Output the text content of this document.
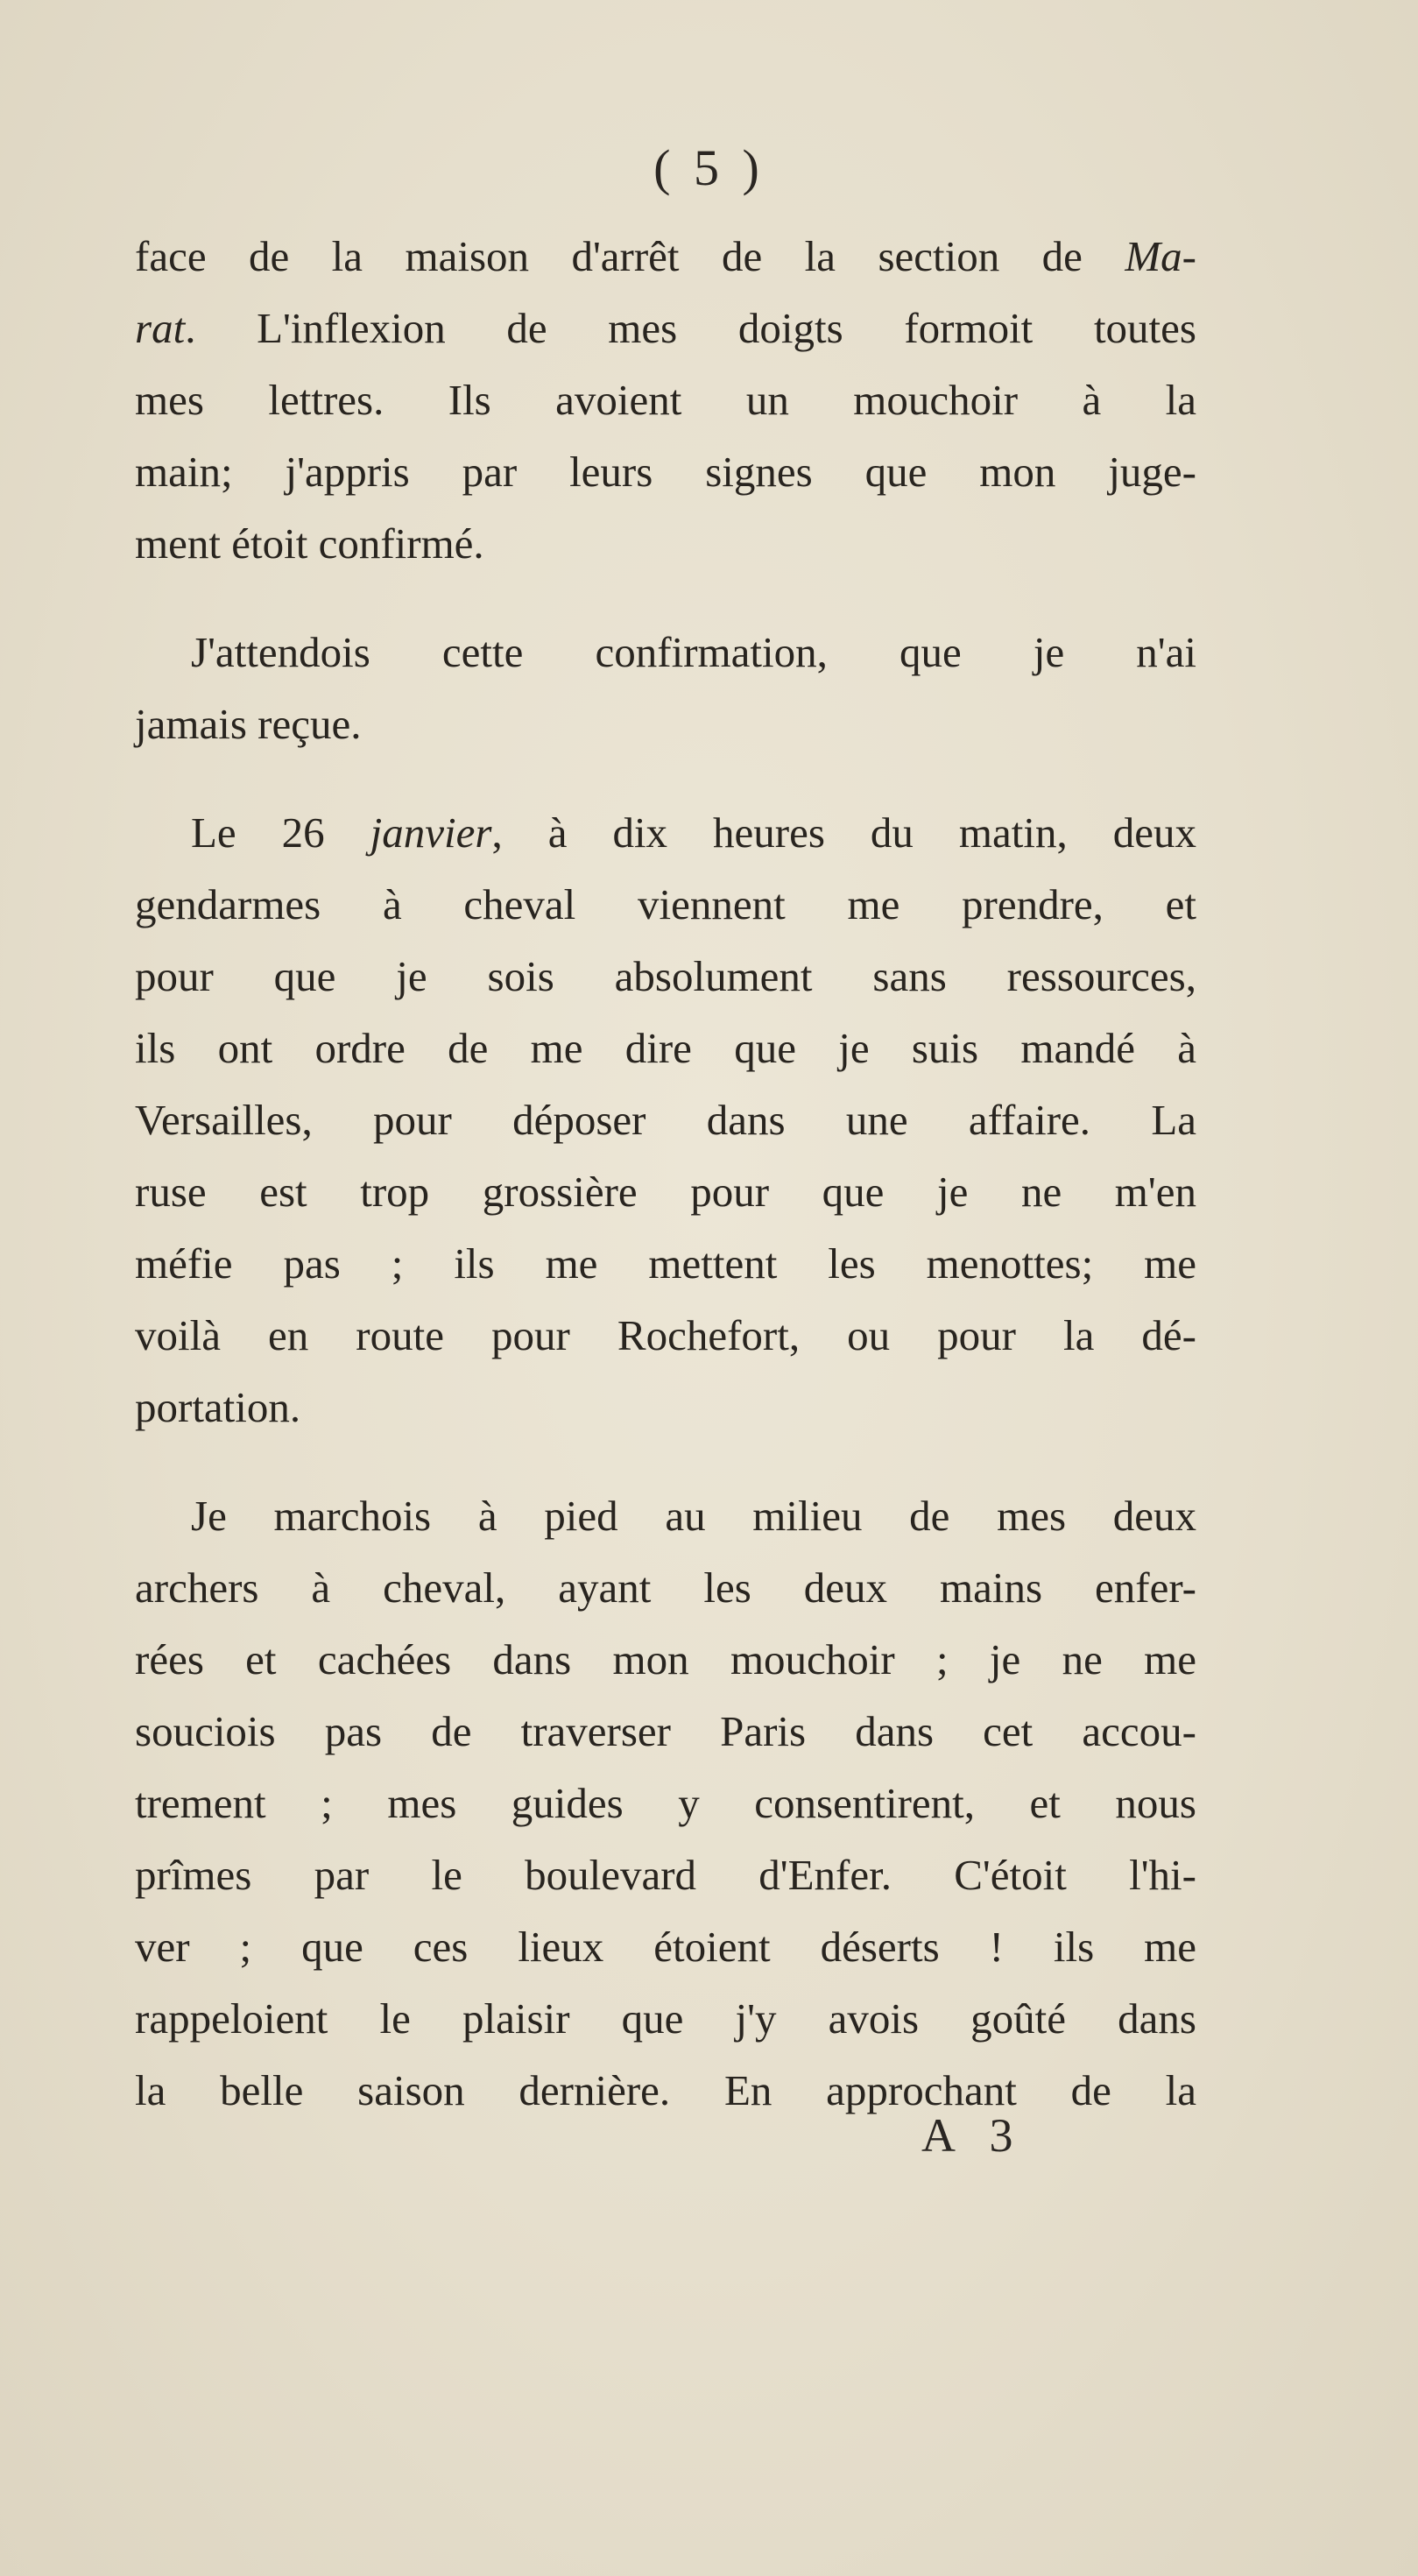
( 5 )
face de la maison d'arrêt de la section de Ma-
rat. L'inflexion de mes doigts formoit toutes
mes lettres. Ils avoient un mouchoir à la
main; j'appris par leurs signes que mon juge-
ment étoit confirmé.
J'attendois cette confirmation, que je n'ai
jamais reçue.
Le 26 janvier, à dix heures du matin, deux
gendarmes à cheval viennent me prendre, et
pour que je sois absolument sans ressources,
ils ont ordre de me dire que je suis mandé à
Versailles, pour déposer dans une affaire. La
ruse est trop grossière pour que je ne m'en
méfie pas ; ils me mettent les menottes; me
voilà en route pour Rochefort, ou pour la dé-
portation.
Je marchois à pied au milieu de mes deux
archers à cheval, ayant les deux mains enfer-
rées et cachées dans mon mouchoir ; je ne me
souciois pas de traverser Paris dans cet accou-
trement ; mes guides y consentirent, et nous
prîmes par le boulevard d'Enfer. C'étoit l'hi-
ver ; que ces lieux étoient déserts ! ils me
rappeloient le plaisir que j'y avois goûté dans
la belle saison dernière. En approchant de la
A 3
